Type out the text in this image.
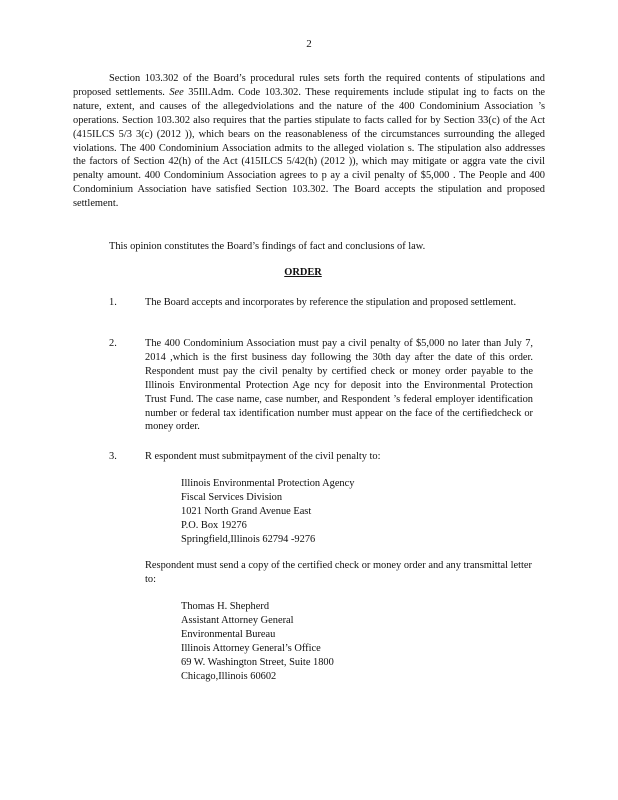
2

Section 103.302 of the Board’s procedural rules sets forth the required contents of stipulations and proposed settlements. See 35Ill.Adm. Code 103.302. These requirements include stipulat ing to facts on the nature, extent, and causes of the allegedviolations and the nature of the 400 Condominium Association ’s operations. Section 103.302 also requires that the parties stipulate to facts called for by Section 33(c) of the Act (415ILCS 5/3 3(c) (2012 )), which bears on the reasonableness of the circumstances surrounding the alleged violations. The 400 Condominium Association admits to the alleged violation s. The stipulation also addresses the factors of Section 42(h) of the Act (415ILCS 5/42(h) (2012 )), which may mitigate or aggra vate the civil penalty amount. 400 Condominium Association agrees to p ay a civil penalty of $5,000 . The People and 400 Condominium Association have satisfied Section 103.302. The Board accepts the stipulation and proposed settlement.

This opinion constitutes the Board’s findings of fact and conclusions of law.

ORDER
1.	The Board accepts and incorporates by reference the stipulation and proposed settlement.

2.	The 400 Condominium Association must pay a civil penalty of $5,000 no later than July 7, 2014 ,which is the first business day following the 30th day after the date of this order. Respondent must pay the civil penalty by certified check or money order payable to the Illinois Environmental Protection Age ncy for deposit into the Environmental Protection Trust Fund. The case name, case number, and Respondent ’s federal employer identification number or federal tax identification number must appear on the face of the certifiedcheck or money order.

3.	R espondent must submitpayment of the civil penalty to:

Illinois Environmental Protection Agency
Fiscal Services Division
1021 North Grand Avenue East
P.O. Box 19276
Springfield,Illinois 62794 -9276

Respondent must send a copy of the certified check or money order and any transmittal letter to:

Thomas H. Shepherd
Assistant Attorney General
Environmental Bureau
Illinois Attorney General’s Office
69 W. Washington Street, Suite 1800
Chicago,Illinois 60602
